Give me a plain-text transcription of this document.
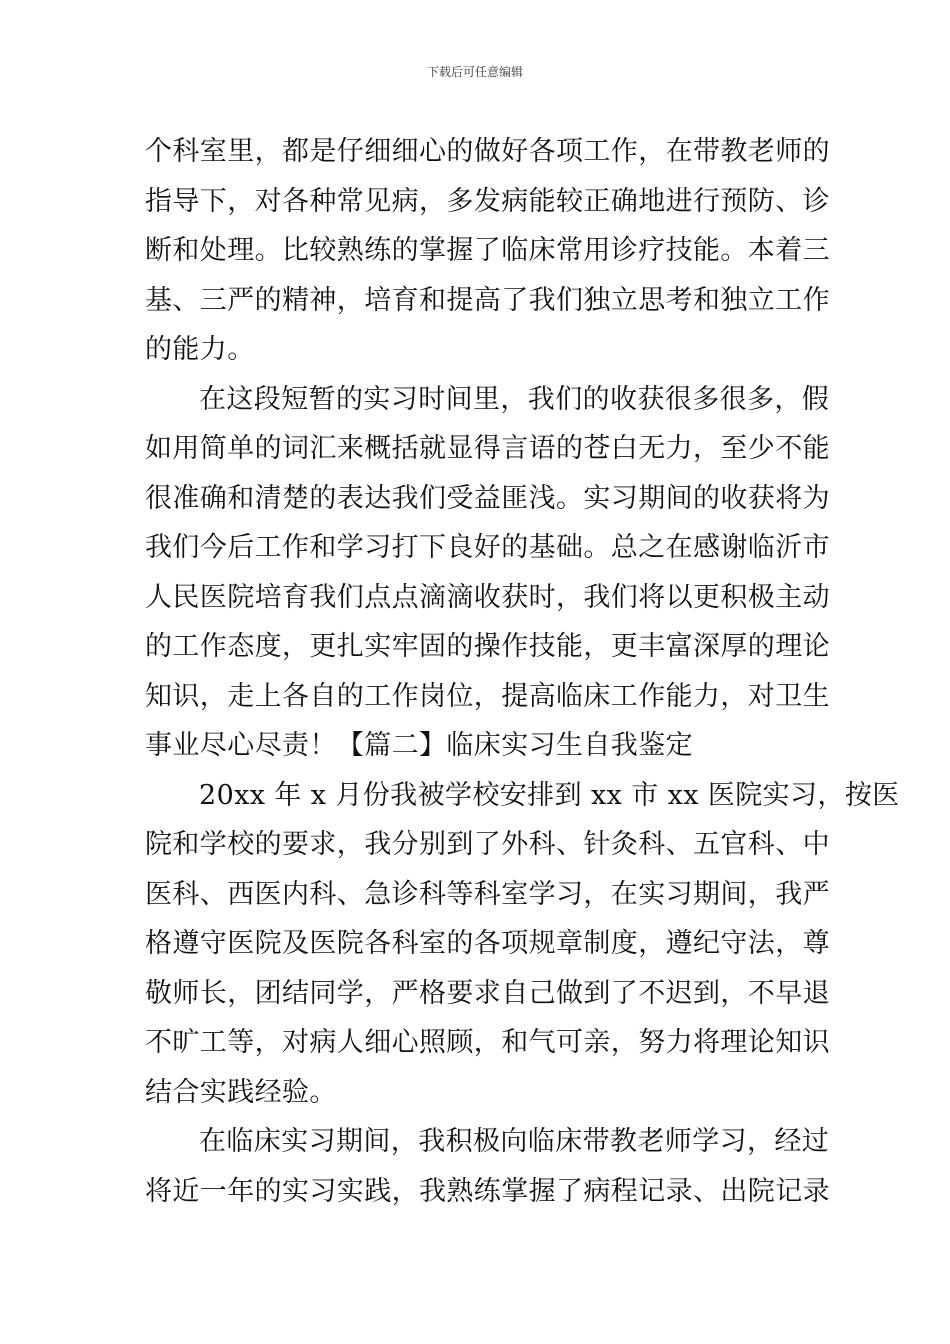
下载后可任意编辑
个科室里，都是仔细细心的做好各项工作，在带教老师的
指导下，对各种常见病，多发病能较正确地进行预防、诊
断和处理。比较熟练的掌握了临床常用诊疗技能。本着三
基、三严的精神，培育和提高了我们独立思考和独立工作
的能力。
在这段短暂的实习时间里，我们的收获很多很多，假
如用简单的词汇来概括就显得言语的苍白无力，至少不能
很准确和清楚的表达我们受益匪浅。实习期间的收获将为
我们今后工作和学习打下良好的基础。总之在感谢临沂市
人民医院培育我们点点滴滴收获时，我们将以更积极主动
的工作态度，更扎实牢固的操作技能，更丰富深厚的理论
知识，走上各自的工作岗位，提高临床工作能力，对卫生
事业尽心尽责！【篇二】临床实习生自我鉴定
20xx 年 x 月份我被学校安排到 xx 市 xx 医院实习，按医
院和学校的要求，我分别到了外科、针灸科、五官科、中
医科、西医内科、急诊科等科室学习，在实习期间，我严
格遵守医院及医院各科室的各项规章制度，遵纪守法，尊
敬师长，团结同学，严格要求自己做到了不迟到，不早退
不旷工等，对病人细心照顾，和气可亲，努力将理论知识
结合实践经验。
在临床实习期间，我积极向临床带教老师学习，经过
将近一年的实习实践，我熟练掌握了病程记录、出院记录
